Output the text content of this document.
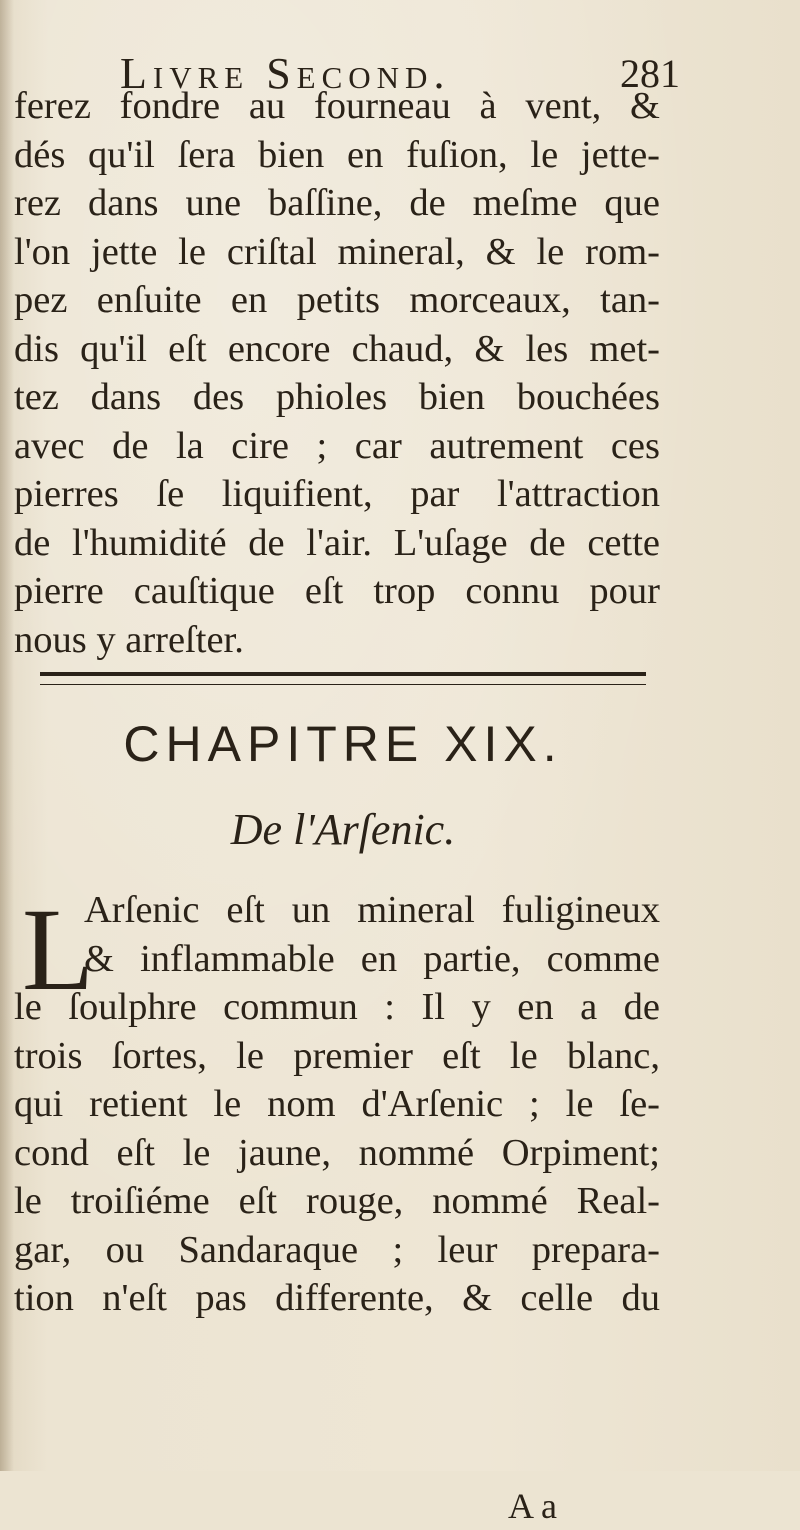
Livre Second.	281
ferez fondre au fourneau à vent, &
dés qu'il ſera bien en fuſion, le jette-
rez dans une baſſine, de meſme que
l'on jette le criſtal mineral, & le rom-
pez enſuite en petits morceaux, tan-
dis qu'il eſt encore chaud, & les met-
tez dans des phioles bien bouchées
avec de la cire ; car autrement ces
pierres ſe liquifient, par l'attraction
de l'humidité de l'air. L'uſage de cette
pierre cauſtique eſt trop connu pour
nous y arreſter.
CHAPITRE XIX.
De l'Arſenic.
L
Arſenic eſt un mineral fuligineux
& inflammable en partie, comme
le ſoulphre commun : Il y en a de
trois ſortes, le premier eſt le blanc,
qui retient le nom d'Arſenic ; le ſe-
cond eſt le jaune, nommé Orpiment;
le troiſiéme eſt rouge, nommé Real-
gar, ou Sandaraque ; leur prepara-
tion n'eſt pas differente, & celle du
A a
